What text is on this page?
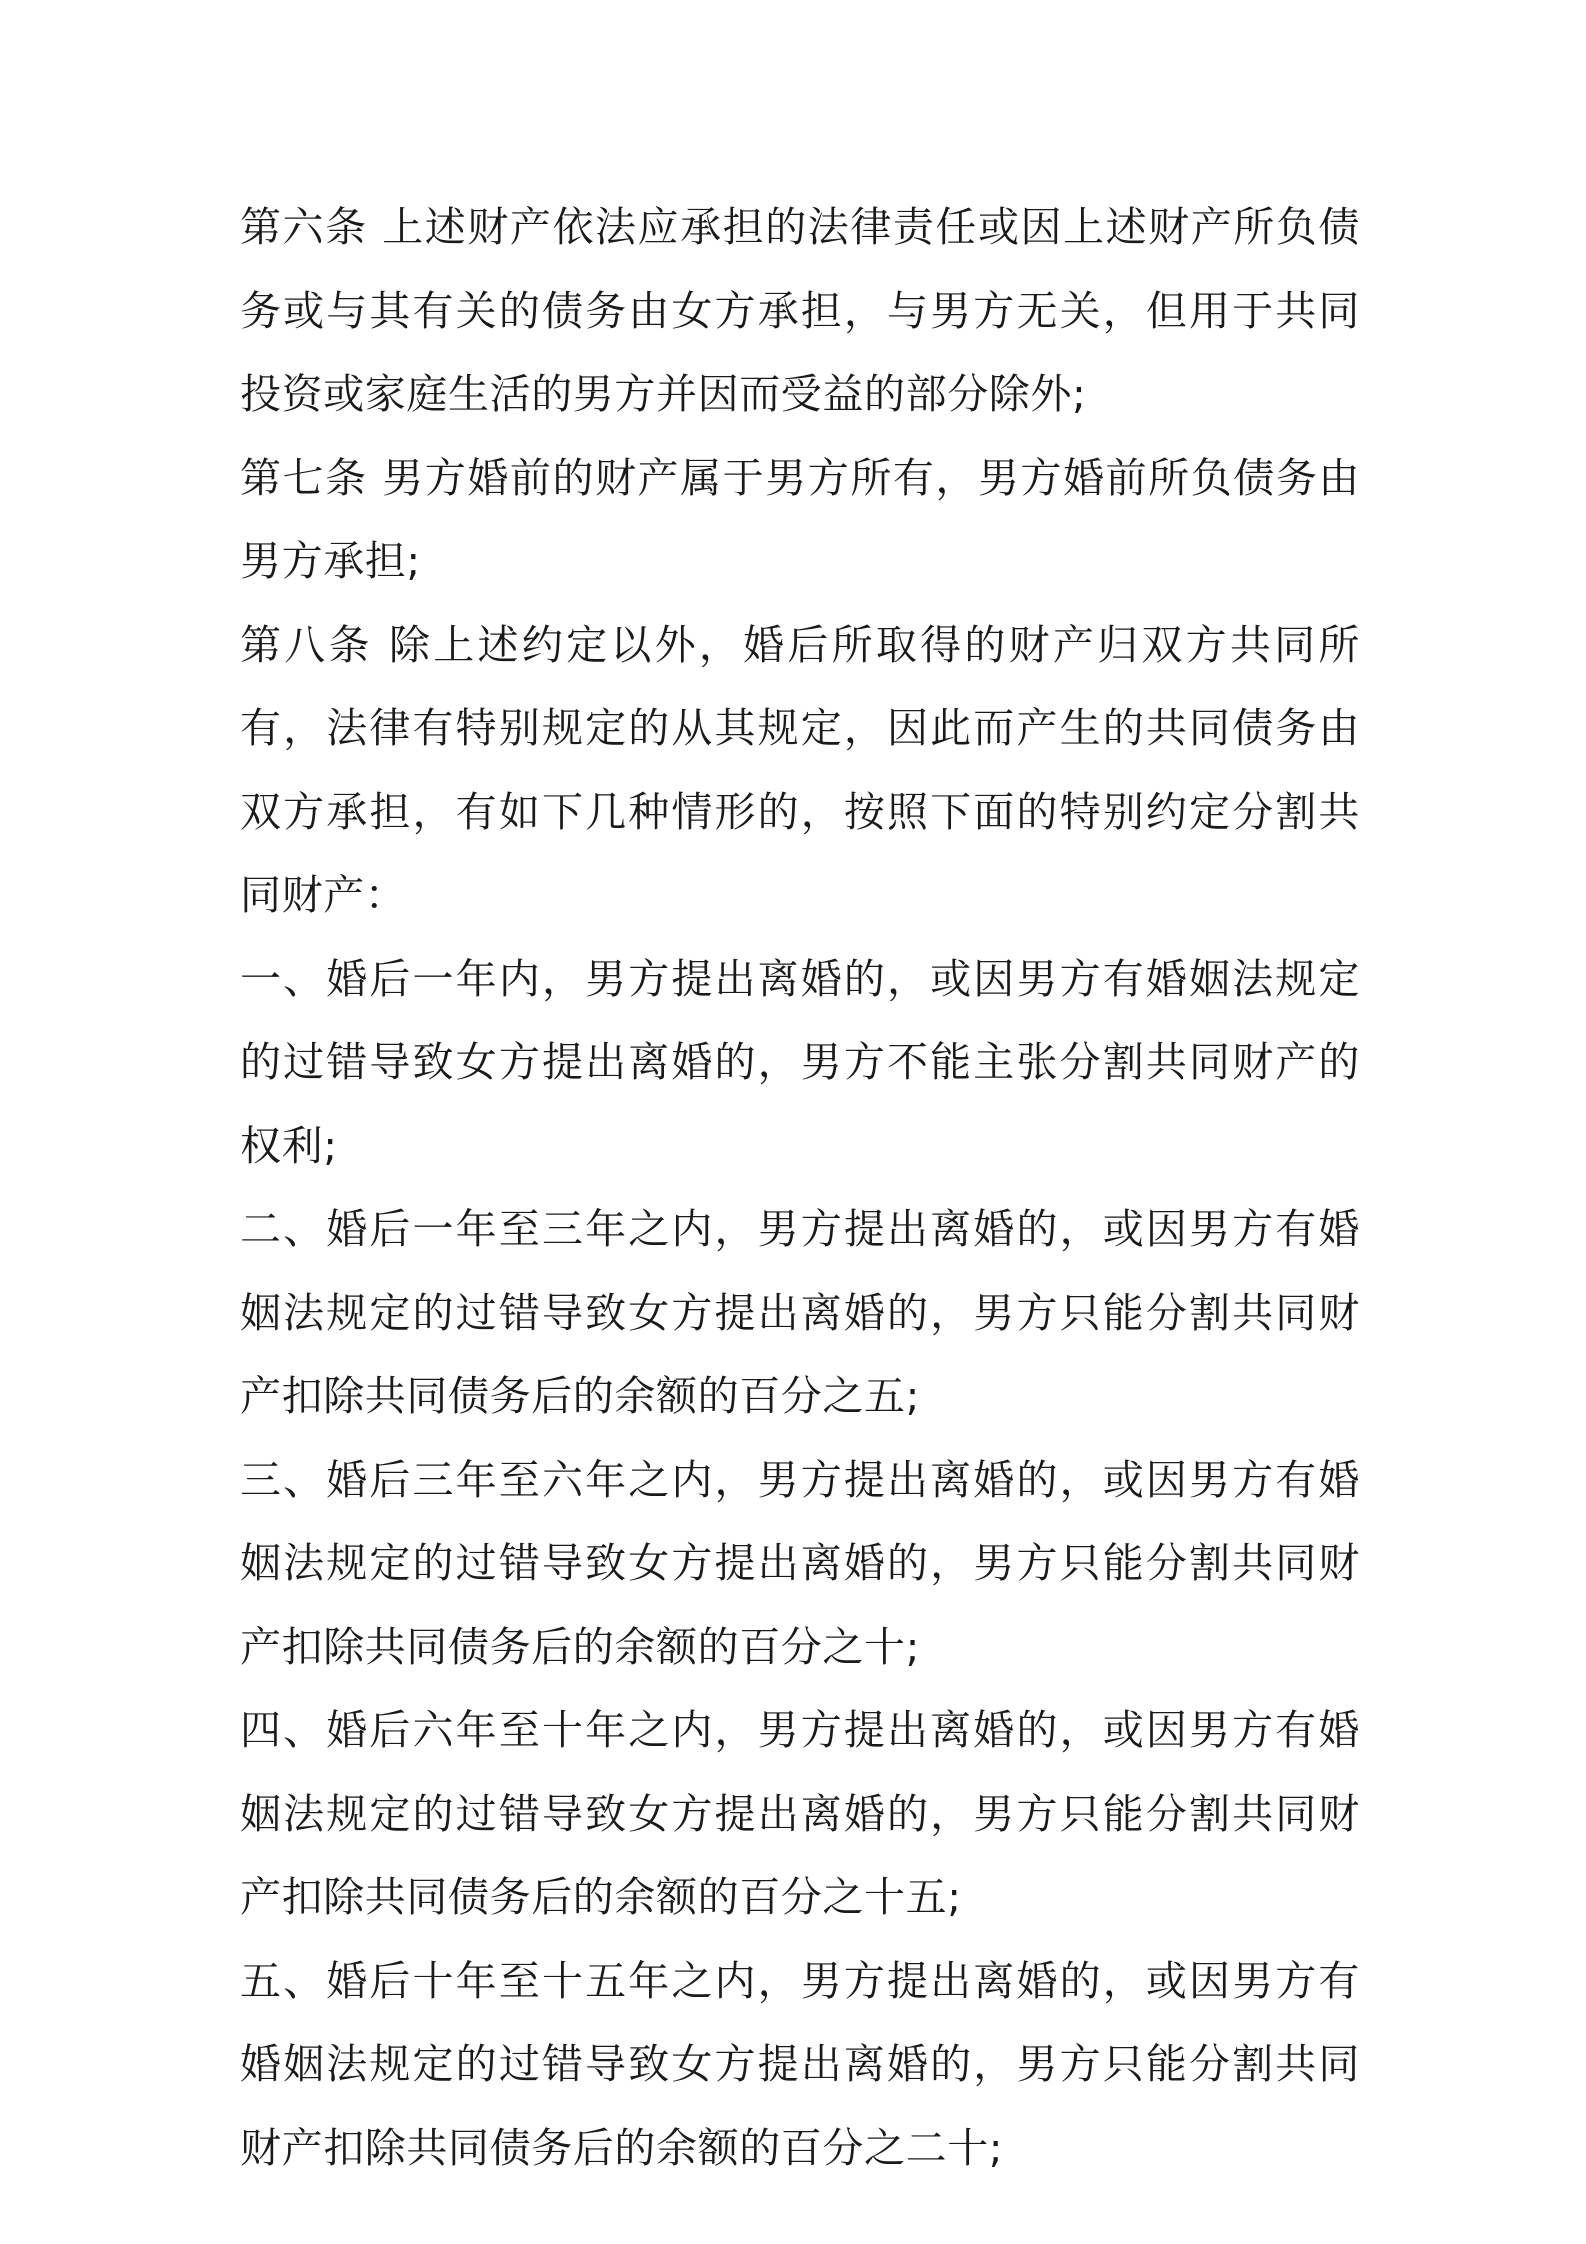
第六条 上述财产依法应承担的法律责任或因上述财产所负债务或与其有关的债务由女方承担，与男方无关，但用于共同投资或家庭生活的男方并因而受益的部分除外;

第七条 男方婚前的财产属于男方所有，男方婚前所负债务由男方承担;

第八条 除上述约定以外，婚后所取得的财产归双方共同所有，法律有特别规定的从其规定，因此而产生的共同债务由双方承担，有如下几种情形的，按照下面的特别约定分割共同财产：

一、婚后一年内，男方提出离婚的，或因男方有婚姻法规定的过错导致女方提出离婚的，男方不能主张分割共同财产的权利;

二、婚后一年至三年之内，男方提出离婚的，或因男方有婚姻法规定的过错导致女方提出离婚的，男方只能分割共同财产扣除共同债务后的余额的百分之五;

三、婚后三年至六年之内，男方提出离婚的，或因男方有婚姻法规定的过错导致女方提出离婚的，男方只能分割共同财产扣除共同债务后的余额的百分之十;

四、婚后六年至十年之内，男方提出离婚的，或因男方有婚姻法规定的过错导致女方提出离婚的，男方只能分割共同财产扣除共同债务后的余额的百分之十五;

五、婚后十年至十五年之内，男方提出离婚的，或因男方有婚姻法规定的过错导致女方提出离婚的，男方只能分割共同财产扣除共同债务后的余额的百分之二十;
